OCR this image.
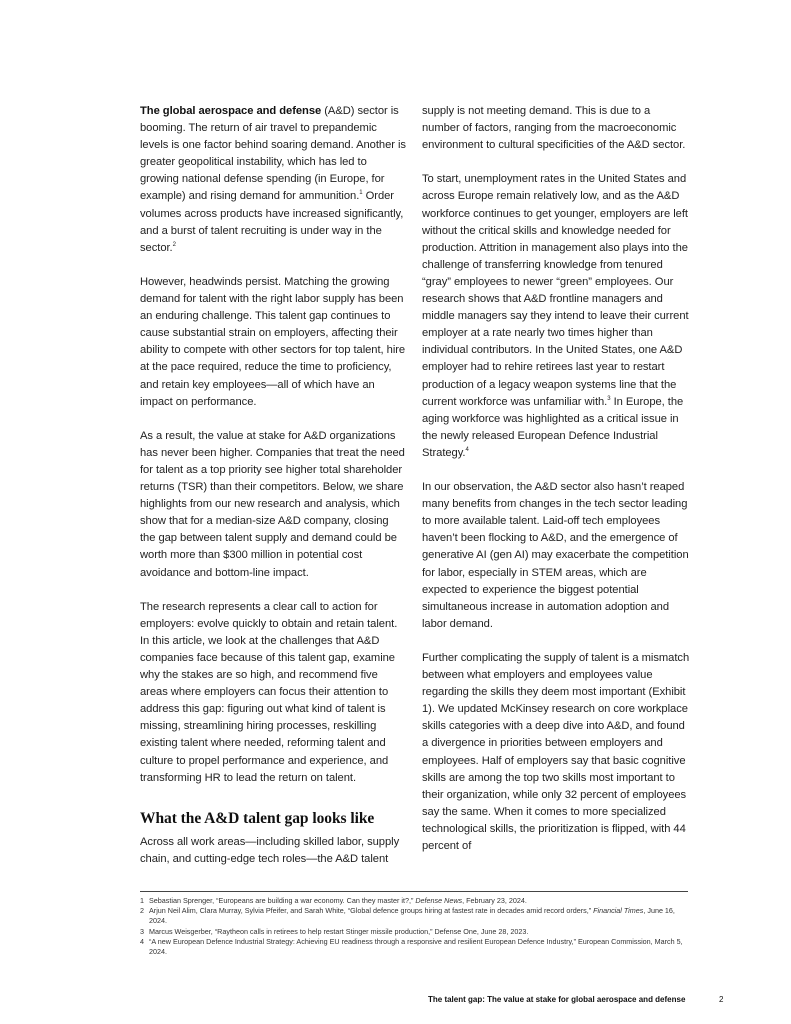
The global aerospace and defense (A&D) sector is booming. The return of air travel to prepandemic levels is one factor behind soaring demand. Another is greater geopolitical instability, which has led to growing national defense spending (in Europe, for example) and rising demand for ammunition.$^1$ Order volumes across products have increased significantly, and a burst of talent recruiting is under way in the sector.$^2$

However, headwinds persist. Matching the growing demand for talent with the right labor supply has been an enduring challenge. This talent gap continues to cause substantial strain on employers, affecting their ability to compete with other sectors for top talent, hire at the pace required, reduce the time to proficiency, and retain key employees—all of which have an impact on performance.

As a result, the value at stake for A&D organizations has never been higher. Companies that treat the need for talent as a top priority see higher total shareholder returns (TSR) than their competitors. Below, we share highlights from our new research and analysis, which show that for a median-size A&D company, closing the gap between talent supply and demand could be worth more than $300 million in potential cost avoidance and bottom-line impact.

The research represents a clear call to action for employers: evolve quickly to obtain and retain talent. In this article, we look at the challenges that A&D companies face because of this talent gap, examine why the stakes are so high, and recommend five areas where employers can focus their attention to address this gap: figuring out what kind of talent is missing, streamlining hiring processes, reskilling existing talent where needed, reforming talent and culture to propel performance and experience, and transforming HR to lead the return on talent.

What the A&D talent gap looks like

Across all work areas—including skilled labor, supply chain, and cutting-edge tech roles—the A&D talent

supply is not meeting demand. This is due to a number of factors, ranging from the macroeconomic environment to cultural specificities of the A&D sector.

To start, unemployment rates in the United States and across Europe remain relatively low, and as the A&D workforce continues to get younger, employers are left without the critical skills and knowledge needed for production. Attrition in management also plays into the challenge of transferring knowledge from tenured “gray” employees to newer “green” employees. Our research shows that A&D frontline managers and middle managers say they intend to leave their current employer at a rate nearly two times higher than individual contributors. In the United States, one A&D employer had to rehire retirees last year to restart production of a legacy weapon systems line that the current workforce was unfamiliar with.$^3$ In Europe, the aging workforce was highlighted as a critical issue in the newly released European Defence Industrial Strategy.$^4$

In our observation, the A&D sector also hasn’t reaped many benefits from changes in the tech sector leading to more available talent. Laid-off tech employees haven’t been flocking to A&D, and the emergence of generative AI (gen AI) may exacerbate the competition for labor, especially in STEM areas, which are expected to experience the biggest potential simultaneous increase in automation adoption and labor demand.

Further complicating the supply of talent is a mismatch between what employers and employees value regarding the skills they deem most important (Exhibit 1). We updated McKinsey research on core workplace skills categories with a deep dive into A&D, and found a divergence in priorities between employers and employees. Half of employers say that basic cognitive skills are among the top two skills most important to their organization, while only 32 percent of employees say the same. When it comes to more specialized technological skills, the prioritization is flipped, with 44 percent of

1 Sebastian Sprenger, “Europeans are building a war economy. Can they master it?,” Defense News, February 23, 2024.
2 Arjun Neil Alim, Clara Murray, Sylvia Pfeifer, and Sarah White, “Global defence groups hiring at fastest rate in decades amid record orders,” Financial Times, June 16, 2024.
3 Marcus Weisgerber, “Raytheon calls in retirees to help restart Stinger missile production,” Defense One, June 28, 2023.
4 “A new European Defence Industrial Strategy: Achieving EU readiness through a responsive and resilient European Defence Industry,” European Commission, March 5, 2024.
The talent gap: The value at stake for global aerospace and defense	2
